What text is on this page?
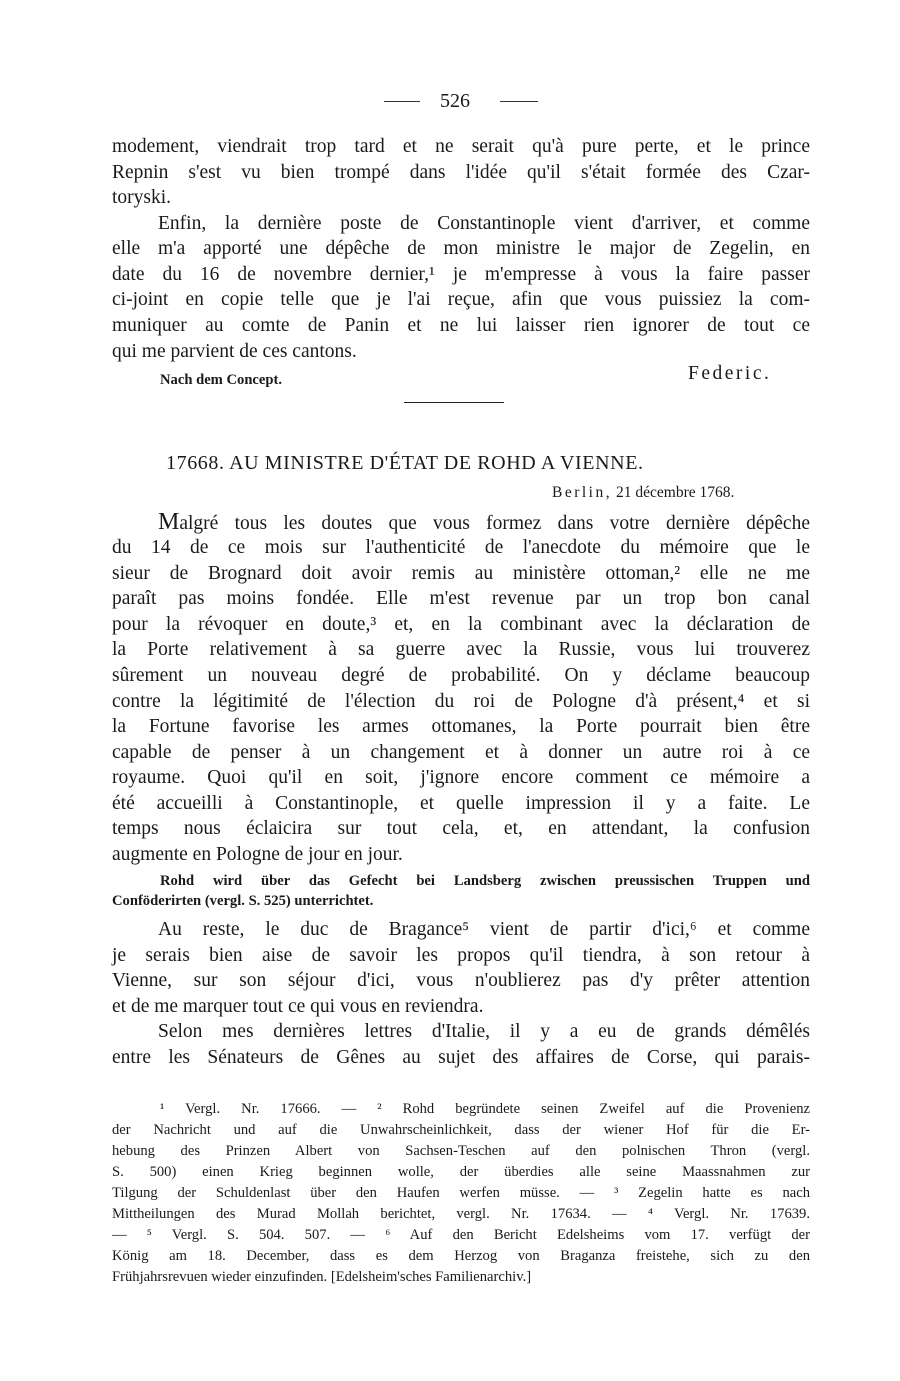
526
modement, viendrait trop tard et ne serait qu'à pure perte, et le prince
Repnin s'est vu bien trompé dans l'idée qu'il s'était formée des Czar-
toryski.
Enfin, la dernière poste de Constantinople vient d'arriver, et comme
elle m'a apporté une dépêche de mon ministre le major de Zegelin, en
date du 16 de novembre dernier,¹ je m'empresse à vous la faire passer
ci-joint en copie telle que je l'ai reçue, afin que vous puissiez la com-
muniquer au comte de Panin et ne lui laisser rien ignorer de tout ce
qui me parvient de ces cantons.
Nach dem Concept.	Federic.
17668. AU MINISTRE D'ÉTAT DE ROHD A VIENNE.
Berlin, 21 décembre 1768.
Malgré tous les doutes que vous formez dans votre dernière dépêche
du 14 de ce mois sur l'authenticité de l'anecdote du mémoire que le
sieur de Brognard doit avoir remis au ministère ottoman,² elle ne me
paraît pas moins fondée. Elle m'est revenue par un trop bon canal
pour la révoquer en doute,³ et, en la combinant avec la déclaration de
la Porte relativement à sa guerre avec la Russie, vous lui trouverez
sûrement un nouveau degré de probabilité. On y déclame beaucoup
contre la légitimité de l'élection du roi de Pologne d'à présent,⁴ et si
la Fortune favorise les armes ottomanes, la Porte pourrait bien être
capable de penser à un changement et à donner un autre roi à ce
royaume. Quoi qu'il en soit, j'ignore encore comment ce mémoire a
été accueilli à Constantinople, et quelle impression il y a faite. Le
temps nous éclaicira sur tout cela, et, en attendant, la confusion
augmente en Pologne de jour en jour.
Rohd wird über das Gefecht bei Landsberg zwischen preussischen Truppen und
Conföderirten (vergl. S. 525) unterrichtet.
Au reste, le duc de Bragance⁵ vient de partir d'ici,⁶ et comme
je serais bien aise de savoir les propos qu'il tiendra, à son retour à
Vienne, sur son séjour d'ici, vous n'oublierez pas d'y prêter attention
et de me marquer tout ce qui vous en reviendra.
Selon mes dernières lettres d'Italie, il y a eu de grands démêlés
entre les Sénateurs de Gênes au sujet des affaires de Corse, qui parais-
¹ Vergl. Nr. 17666. — ² Rohd begründete seinen Zweifel auf die Provenienz
der Nachricht und auf die Unwahrscheinlichkeit, dass der wiener Hof für die Er-
hebung des Prinzen Albert von Sachsen-Teschen auf den polnischen Thron (vergl.
S. 500) einen Krieg beginnen wolle, der überdies alle seine Maassnahmen zur
Tilgung der Schuldenlast über den Haufen werfen müsse. — ³ Zegelin hatte es nach
Mittheilungen des Murad Mollah berichtet, vergl. Nr. 17634. — ⁴ Vergl. Nr. 17639.
— ⁵ Vergl. S. 504. 507. — ⁶ Auf den Bericht Edelsheims vom 17. verfügt der
König am 18. December, dass es dem Herzog von Braganza freistehe, sich zu den
Frühjahrsrevuen wieder einzufinden. [Edelsheim'sches Familienarchiv.]
